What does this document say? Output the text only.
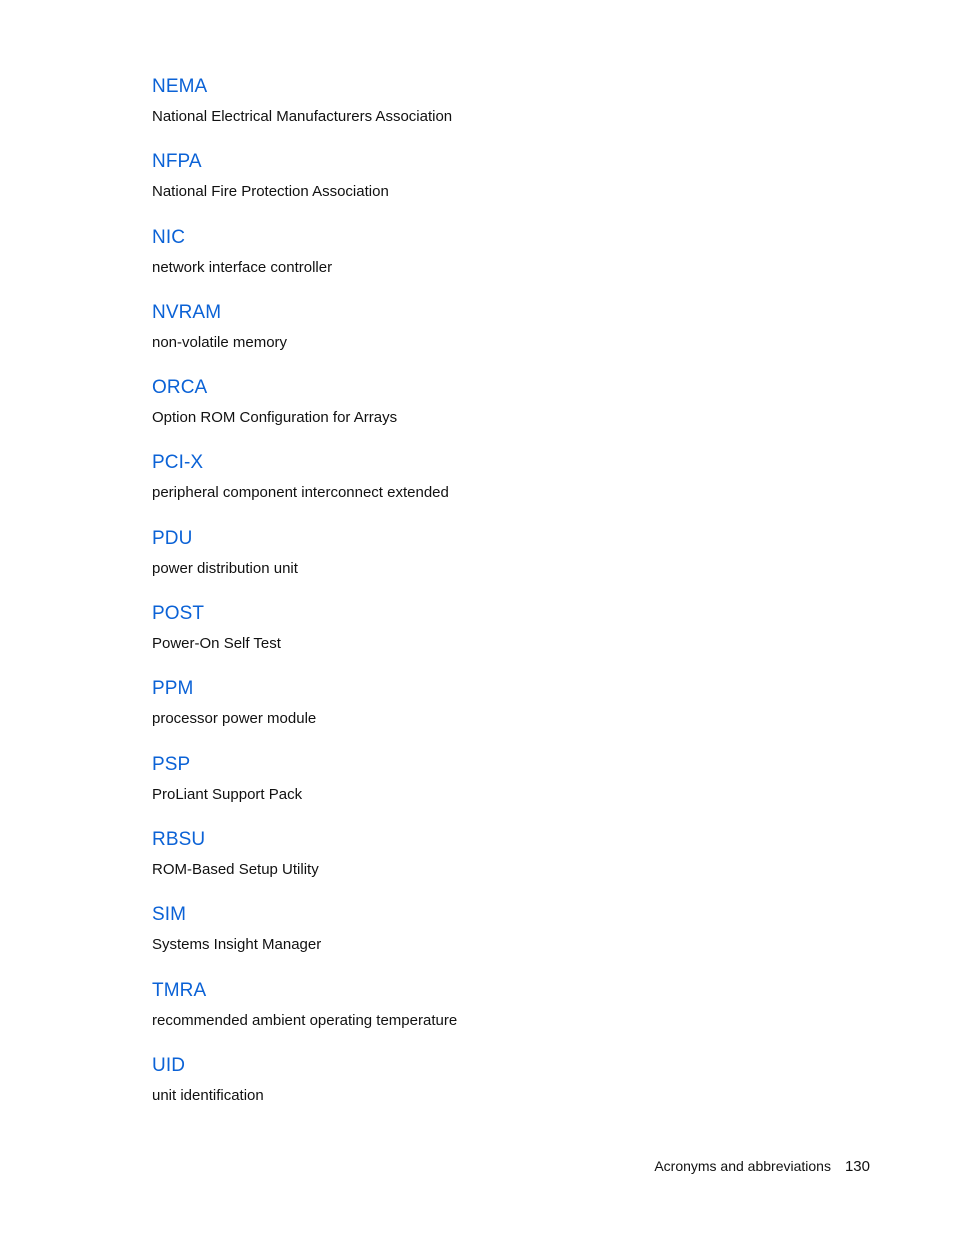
NEMA
National Electrical Manufacturers Association
NFPA
National Fire Protection Association
NIC
network interface controller
NVRAM
non-volatile memory
ORCA
Option ROM Configuration for Arrays
PCI-X
peripheral component interconnect extended
PDU
power distribution unit
POST
Power-On Self Test
PPM
processor power module
PSP
ProLiant Support Pack
RBSU
ROM-Based Setup Utility
SIM
Systems Insight Manager
TMRA
recommended ambient operating temperature
UID
unit identification
Acronyms and abbreviations 130
